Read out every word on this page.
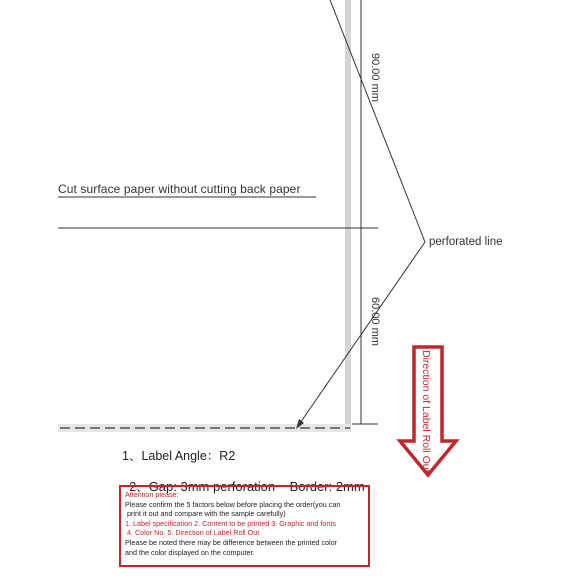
Cut surface paper without cutting back paper
perforated line
90.00 mm
60.00 mm
Direction of Label Roll Out
1、Label Angle：R2

2、Gap: 3mm perforation    Border: 2mm

Attention please:
Please confirm the 5 factors below before placing the order(you can
print it out and compare with the sample carefully)
1. Label specification 2. Content to be printed 3. Graphic and fonts
4. Color No. 5. Direction of Label Roll Out
Please be noted there may be difference between the printed color
and the color displayed on the computer.
